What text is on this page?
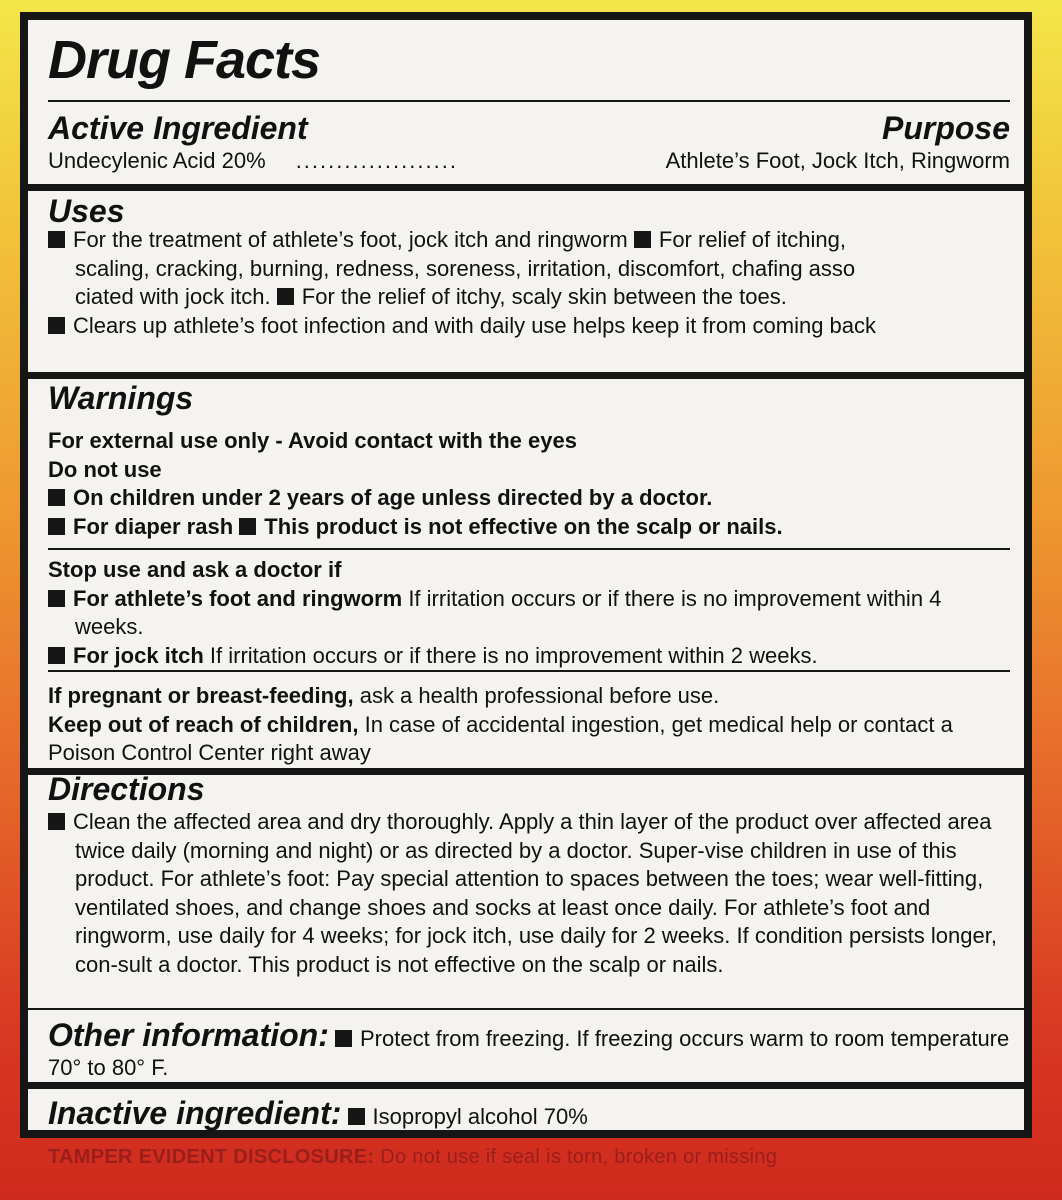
Drug Facts
Active Ingredient	Purpose
Undecylenic Acid 20% ....................	Athlete’s Foot, Jock Itch, Ringworm
Uses
For the treatment of athlete’s foot, jock itch and ringworm For relief of itching,
scaling, cracking, burning, redness, soreness, irritation, discomfort, chafing asso
ciated with jock itch. For the relief of itchy, scaly skin between the toes.
Clears up athlete’s foot infection and with daily use helps keep it from coming back
Warnings
For external use only - Avoid contact with the eyes
Do not use
On children under 2 years of age unless directed by a doctor.
For diaper rash This product is not effective on the scalp or nails.
Stop use and ask a doctor if
For athlete’s foot and ringworm If irritation occurs or if there is no improvement within 4 weeks.
For jock itch If irritation occurs or if there is no improvement within 2 weeks.
If pregnant or breast-feeding, ask a health professional before use.
Keep out of reach of children, In case of accidental ingestion, get medical help or contact a Poison Control Center right away
Directions
Clean the affected area and dry thoroughly. Apply a thin layer of the product over affected area twice daily (morning and night) or as directed by a doctor. Super-vise children in use of this product. For athlete’s foot: Pay special attention to spaces between the toes; wear well-fitting, ventilated shoes, and change shoes and socks at least once daily. For athlete’s foot and ringworm, use daily for 4 weeks; for jock itch, use daily for 2 weeks. If condition persists longer, con-sult a doctor. This product is not effective on the scalp or nails.
Other information: Protect from freezing. If freezing occurs warm to room temperature 70° to 80° F.
Inactive ingredient: Isopropyl alcohol 70%
TAMPER EVIDENT DISCLOSURE: Do not use if seal is torn, broken or missing
